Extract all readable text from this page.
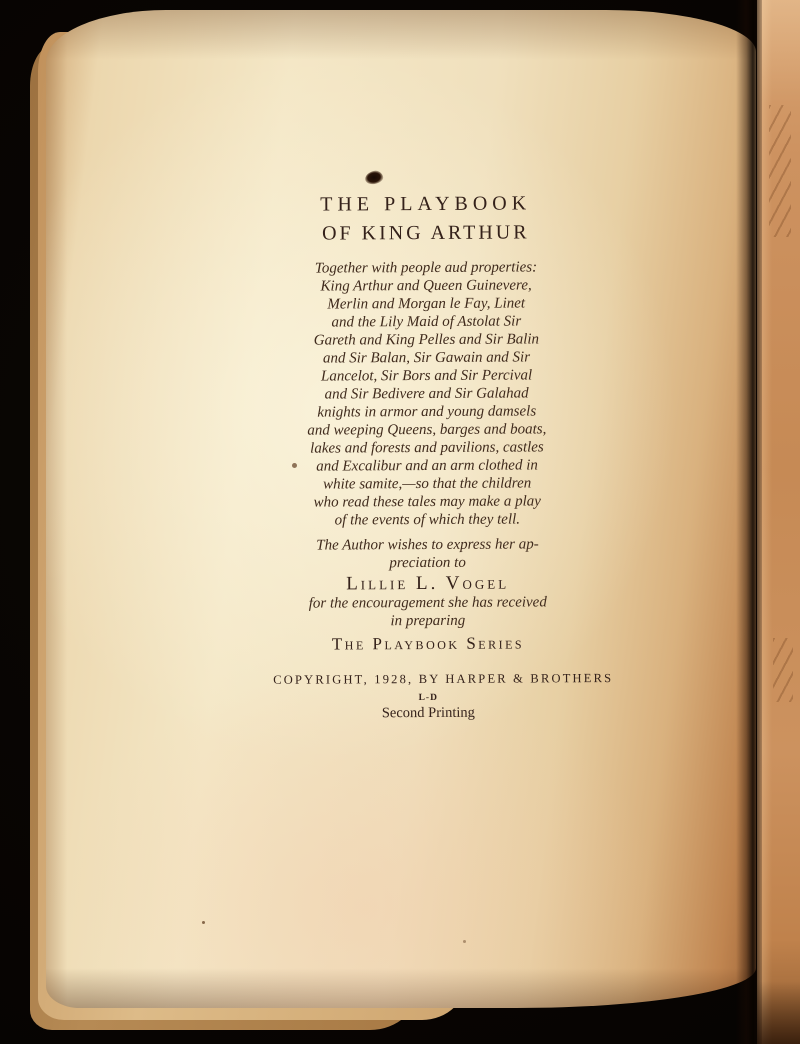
THE PLAYBOOK
OF KING ARTHUR
Together with people aud properties:
King Arthur and Queen Guinevere,
Merlin and Morgan le Fay, Linet
and the Lily Maid of Astolat Sir
Gareth and King Pelles and Sir Balin
and Sir Balan, Sir Gawain and Sir
Lancelot, Sir Bors and Sir Percival
and Sir Bedivere and Sir Galahad
knights in armor and young damsels
and weeping Queens, barges and boats,
lakes and forests and pavilions, castles
and Excalibur and an arm clothed in
white samite,—so that the children
who read these tales may make a play
of the events of which they tell.
The Author wishes to express her ap-
preciation to
Lillie L. Vogel
for the encouragement she has received
in preparing
The Playbook Series
COPYRIGHT, 1928, BY HARPER & BROTHERS
L-D
Second Printing
